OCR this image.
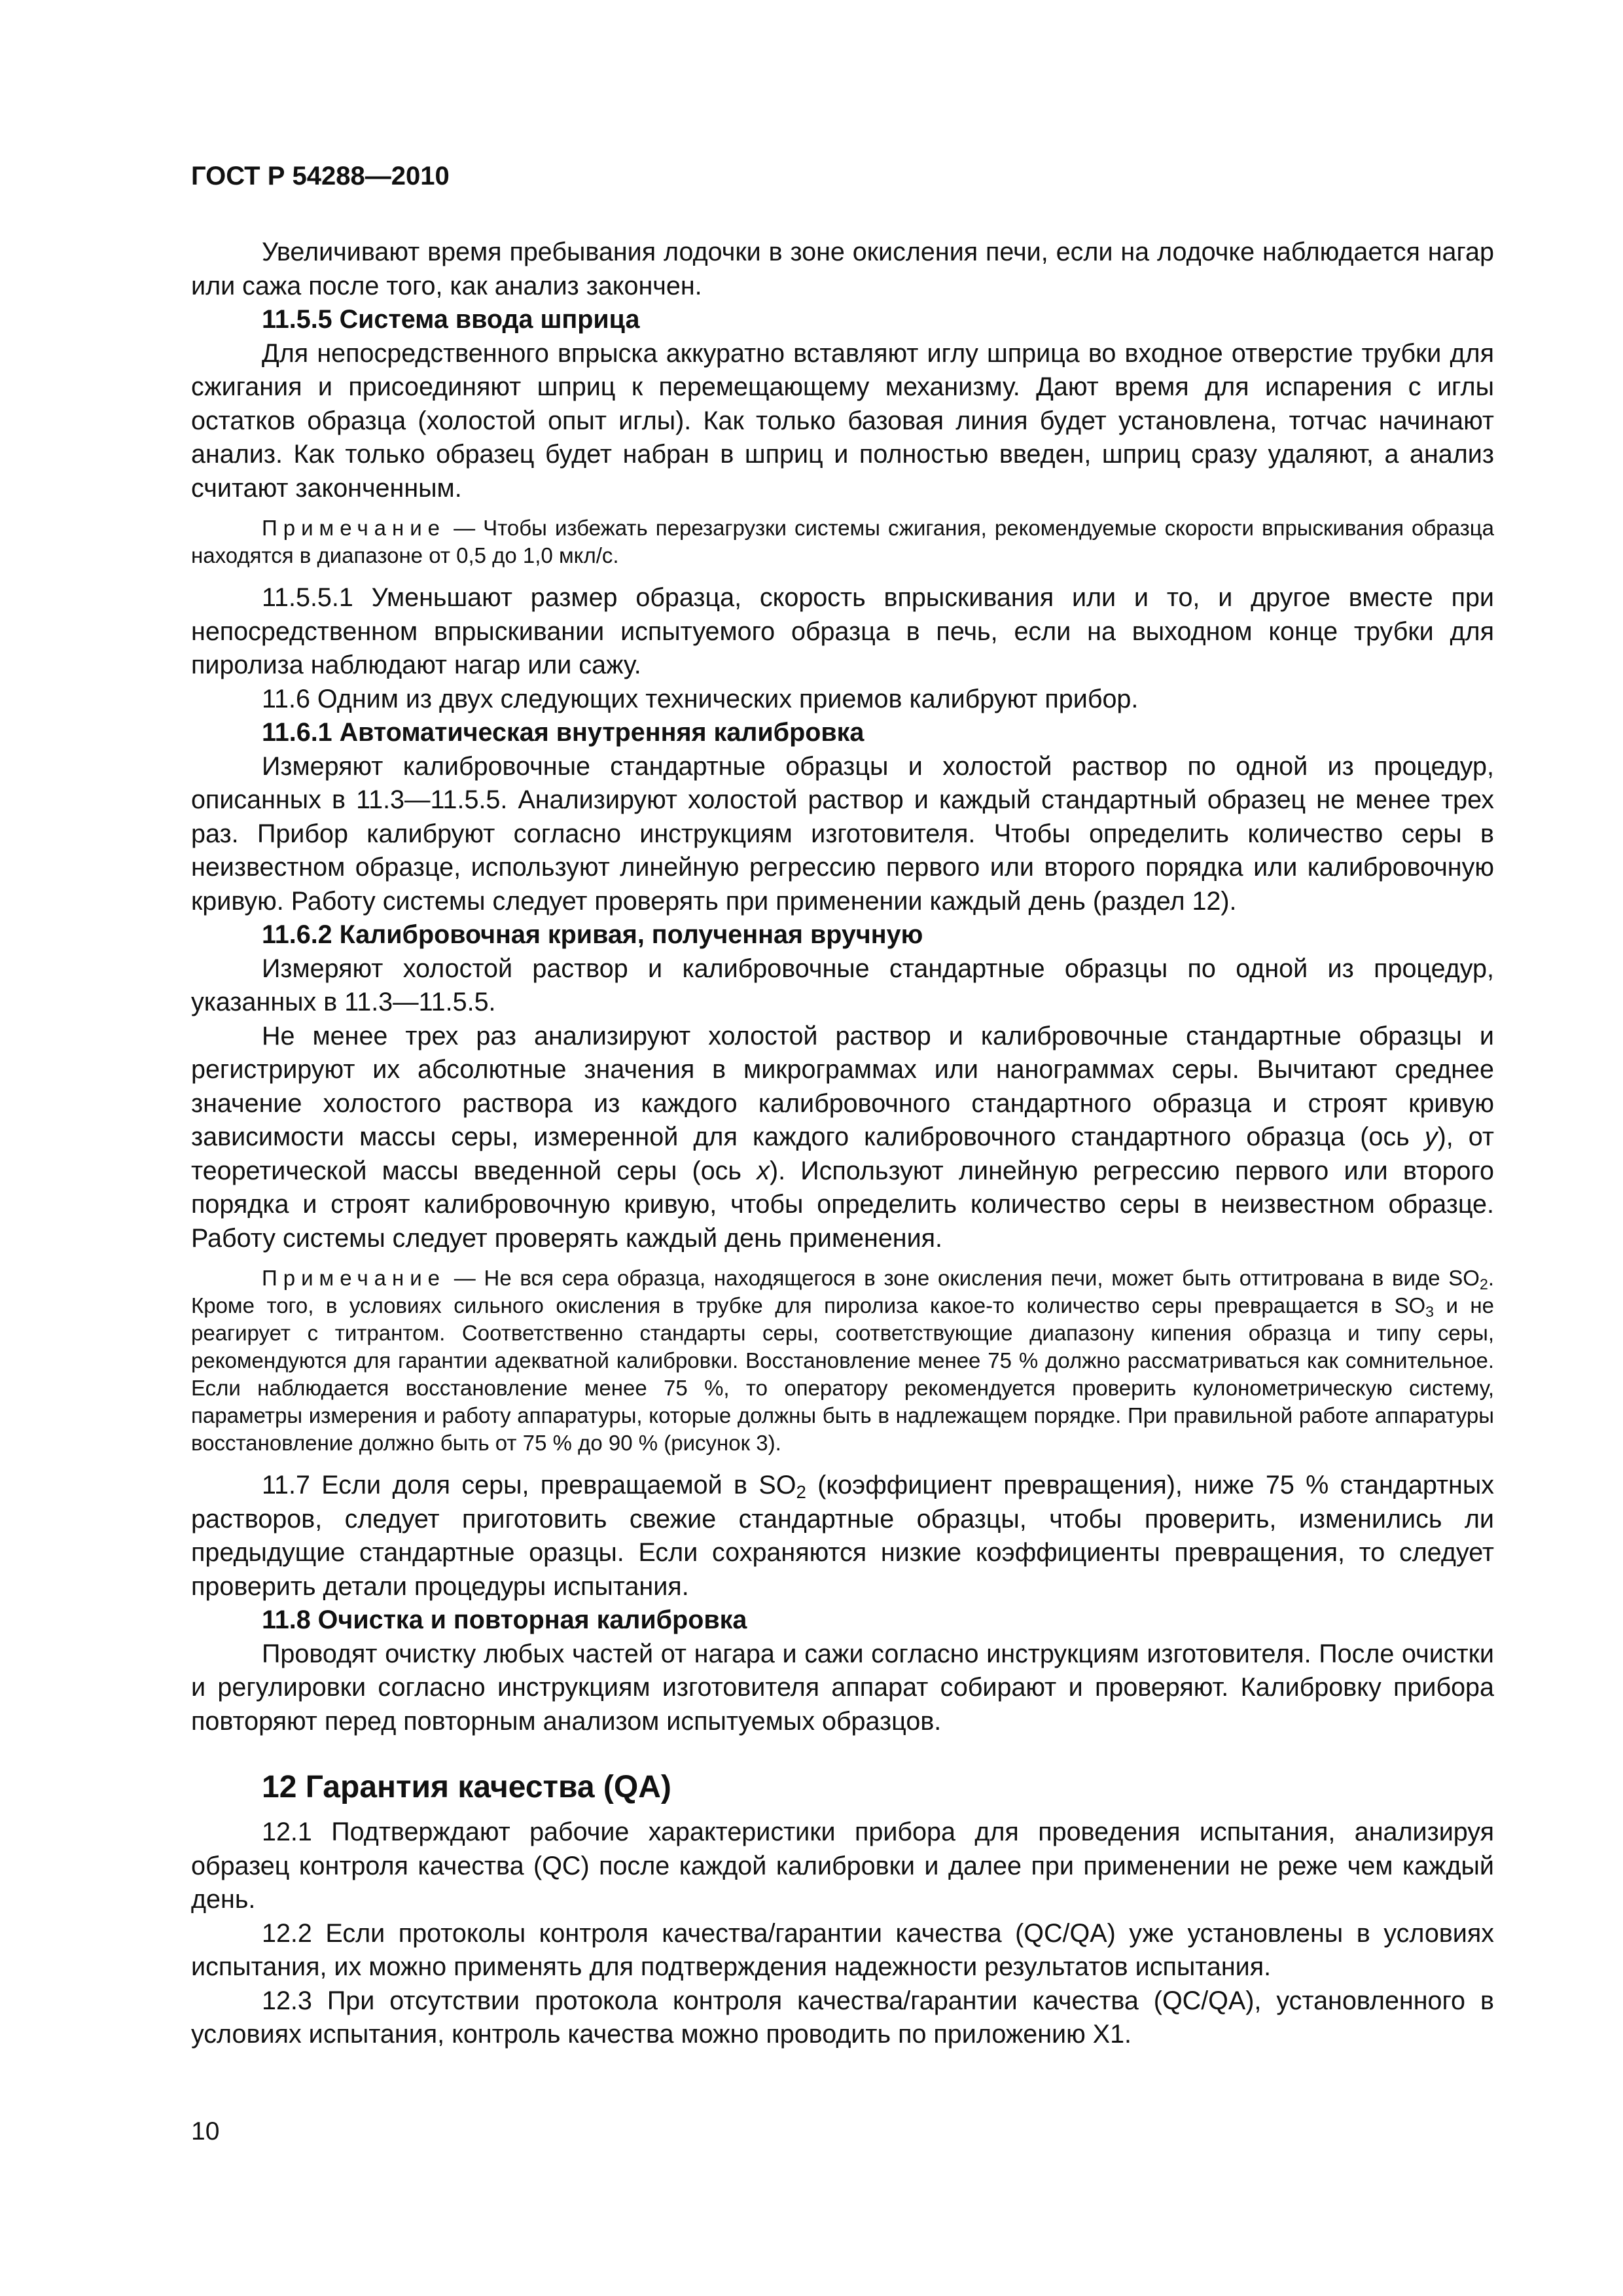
ГОСТ Р 54288—2010

Увеличивают время пребывания лодочки в зоне окисления печи, если на лодочке наблюдается нагар или сажа после того, как анализ закончен.

11.5.5 Система ввода шприца

Для непосредственного впрыска аккуратно вставляют иглу шприца во входное отверстие трубки для сжигания и присоединяют шприц к перемещающему механизму. Дают время для испарения с иглы остатков образца (холостой опыт иглы). Как только базовая линия будет установлена, тотчас начинают анализ. Как только образец будет набран в шприц и полностью введен, шприц сразу удаляют, а анализ считают законченным.

Примечание — Чтобы избежать перезагрузки системы сжигания, рекомендуемые скорости впрыскивания образца находятся в диапазоне от 0,5 до 1,0 мкл/с.

11.5.5.1 Уменьшают размер образца, скорость впрыскивания или и то, и другое вместе при непосредственном впрыскивании испытуемого образца в печь, если на выходном конце трубки для пиролиза наблюдают нагар или сажу.

11.6 Одним из двух следующих технических приемов калибруют прибор.

11.6.1 Автоматическая внутренняя калибровка

Измеряют калибровочные стандартные образцы и холостой раствор по одной из процедур, описанных в 11.3—11.5.5. Анализируют холостой раствор и каждый стандартный образец не менее трех раз. Прибор калибруют согласно инструкциям изготовителя. Чтобы определить количество серы в неизвестном образце, используют линейную регрессию первого или второго порядка или калибровочную кривую. Работу системы следует проверять при применении каждый день (раздел 12).

11.6.2 Калибровочная кривая, полученная вручную

Измеряют холостой раствор и калибровочные стандартные образцы по одной из процедур, указанных в 11.3—11.5.5.

Не менее трех раз анализируют холостой раствор и калибровочные стандартные образцы и регистрируют их абсолютные значения в микрограммах или нанограммах серы. Вычитают среднее значение холостого раствора из каждого калибровочного стандартного образца и строят кривую зависимости массы серы, измеренной для каждого калибровочного стандартного образца (ось y), от теоретической массы введенной серы (ось x). Используют линейную регрессию первого или второго порядка и строят калибровочную кривую, чтобы определить количество серы в неизвестном образце. Работу системы следует проверять каждый день применения.

Примечание — Не вся сера образца, находящегося в зоне окисления печи, может быть оттитрована в виде $SO_2$. Кроме того, в условиях сильного окисления в трубке для пиролиза какое-то количество серы превращается в $SO_3$ и не реагирует с титрантом. Соответственно стандарты серы, соответствующие диапазону кипения образца и типу серы, рекомендуются для гарантии адекватной калибровки. Восстановление менее 75 % должно рассматриваться как сомнительное. Если наблюдается восстановление менее 75 %, то оператору рекомендуется проверить кулонометрическую систему, параметры измерения и работу аппаратуры, которые должны быть в надлежащем порядке. При правильной работе аппаратуры восстановление должно быть от 75 % до 90 % (рисунок 3).

11.7 Если доля серы, превращаемой в $SO_2$ (коэффициент превращения), ниже 75 % стандартных растворов, следует приготовить свежие стандартные образцы, чтобы проверить, изменились ли предыдущие стандартные оразцы. Если сохраняются низкие коэффициенты превращения, то следует проверить детали процедуры испытания.

11.8 Очистка и повторная калибровка

Проводят очистку любых частей от нагара и сажи согласно инструкциям изготовителя. После очистки и регулировки согласно инструкциям изготовителя аппарат собирают и проверяют. Калибровку прибора повторяют перед повторным анализом испытуемых образцов.

12 Гарантия качества (QA)

12.1 Подтверждают рабочие характеристики прибора для проведения испытания, анализируя образец контроля качества (QC) после каждой калибровки и далее при применении не реже чем каждый день.

12.2 Если протоколы контроля качества/гарантии качества (QC/QA) уже установлены в условиях испытания, их можно применять для подтверждения надежности результатов испытания.

12.3 При отсутствии протокола контроля качества/гарантии качества (QC/QA), установленного в условиях испытания, контроль качества можно проводить по приложению Х1.

10
